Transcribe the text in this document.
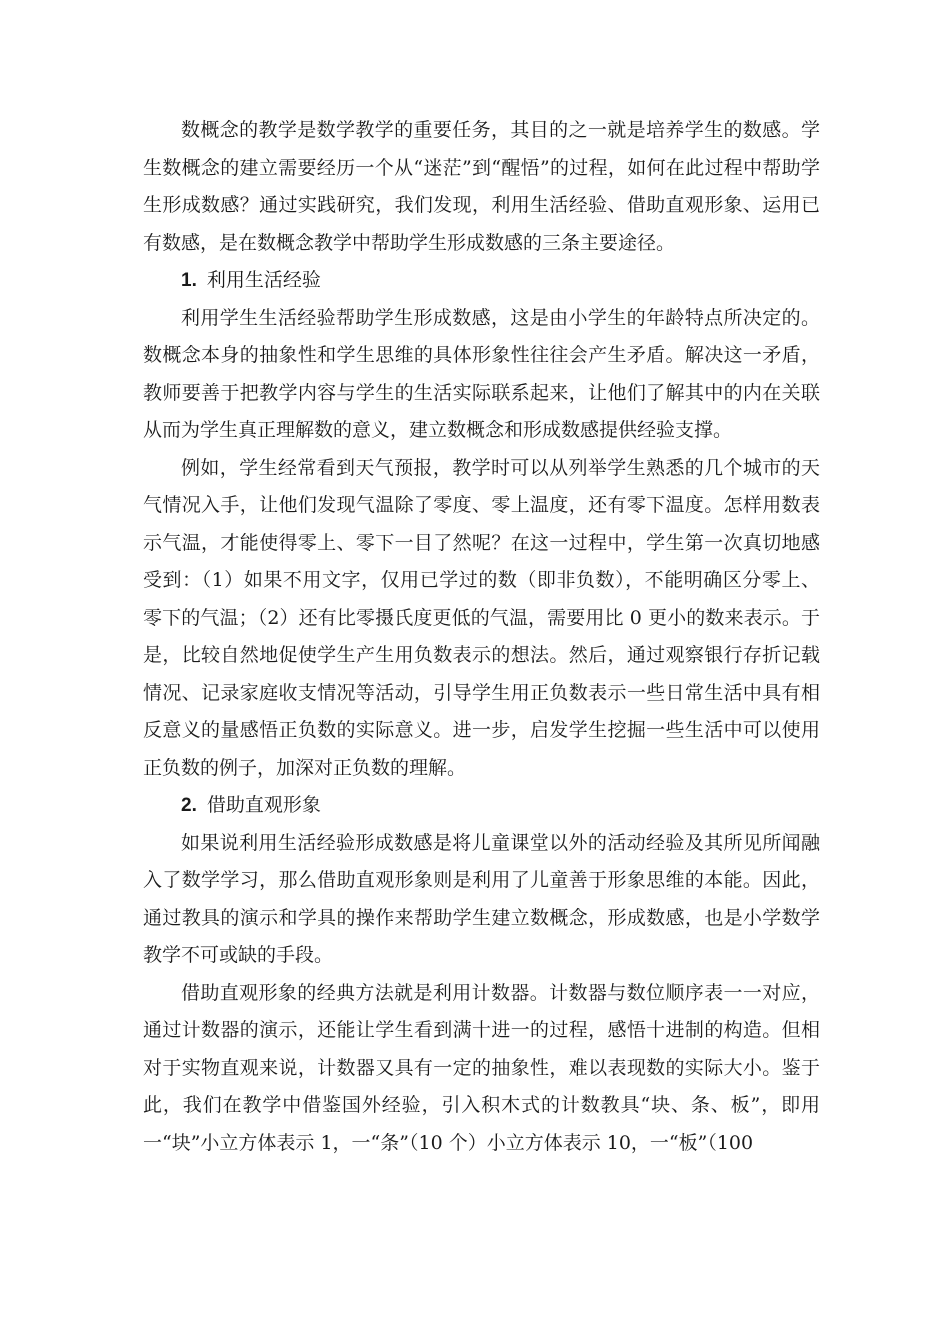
数概念的教学是数学教学的重要任务，其目的之一就是培养学生的数感。学生数概念的建立需要经历一个从“迷茫”到“醒悟”的过程，如何在此过程中帮助学生形成数感？通过实践研究，我们发现，利用生活经验、借助直观形象、运用已有数感，是在数概念教学中帮助学生形成数感的三条主要途径。

1. 利用生活经验

利用学生生活经验帮助学生形成数感，这是由小学生的年龄特点所决定的。数概念本身的抽象性和学生思维的具体形象性往往会产生矛盾。解决这一矛盾，教师要善于把教学内容与学生的生活实际联系起来，让他们了解其中的内在关联从而为学生真正理解数的意义，建立数概念和形成数感提供经验支撑。

例如，学生经常看到天气预报，教学时可以从列举学生熟悉的几个城市的天气情况入手，让他们发现气温除了零度、零上温度，还有零下温度。怎样用数表示气温，才能使得零上、零下一目了然呢？在这一过程中，学生第一次真切地感受到：（1）如果不用文字，仅用已学过的数（即非负数），不能明确区分零上、零下的气温；（2）还有比零摄氏度更低的气温，需要用比 0 更小的数来表示。于是，比较自然地促使学生产生用负数表示的想法。然后，通过观察银行存折记载情况、记录家庭收支情况等活动，引导学生用正负数表示一些日常生活中具有相反意义的量感悟正负数的实际意义。进一步，启发学生挖掘一些生活中可以使用正负数的例子，加深对正负数的理解。

2. 借助直观形象

如果说利用生活经验形成数感是将儿童课堂以外的活动经验及其所见所闻融入了数学学习，那么借助直观形象则是利用了儿童善于形象思维的本能。因此，通过教具的演示和学具的操作来帮助学生建立数概念，形成数感，也是小学数学教学不可或缺的手段。

借助直观形象的经典方法就是利用计数器。计数器与数位顺序表一一对应，通过计数器的演示，还能让学生看到满十进一的过程，感悟十进制的构造。但相对于实物直观来说，计数器又具有一定的抽象性，难以表现数的实际大小。鉴于此，我们在教学中借鉴国外经验，引入积木式的计数教具“块、条、板”，即用一“块”小立方体表示 1，一“条”（10 个）小立方体表示 10，一“板”（100
